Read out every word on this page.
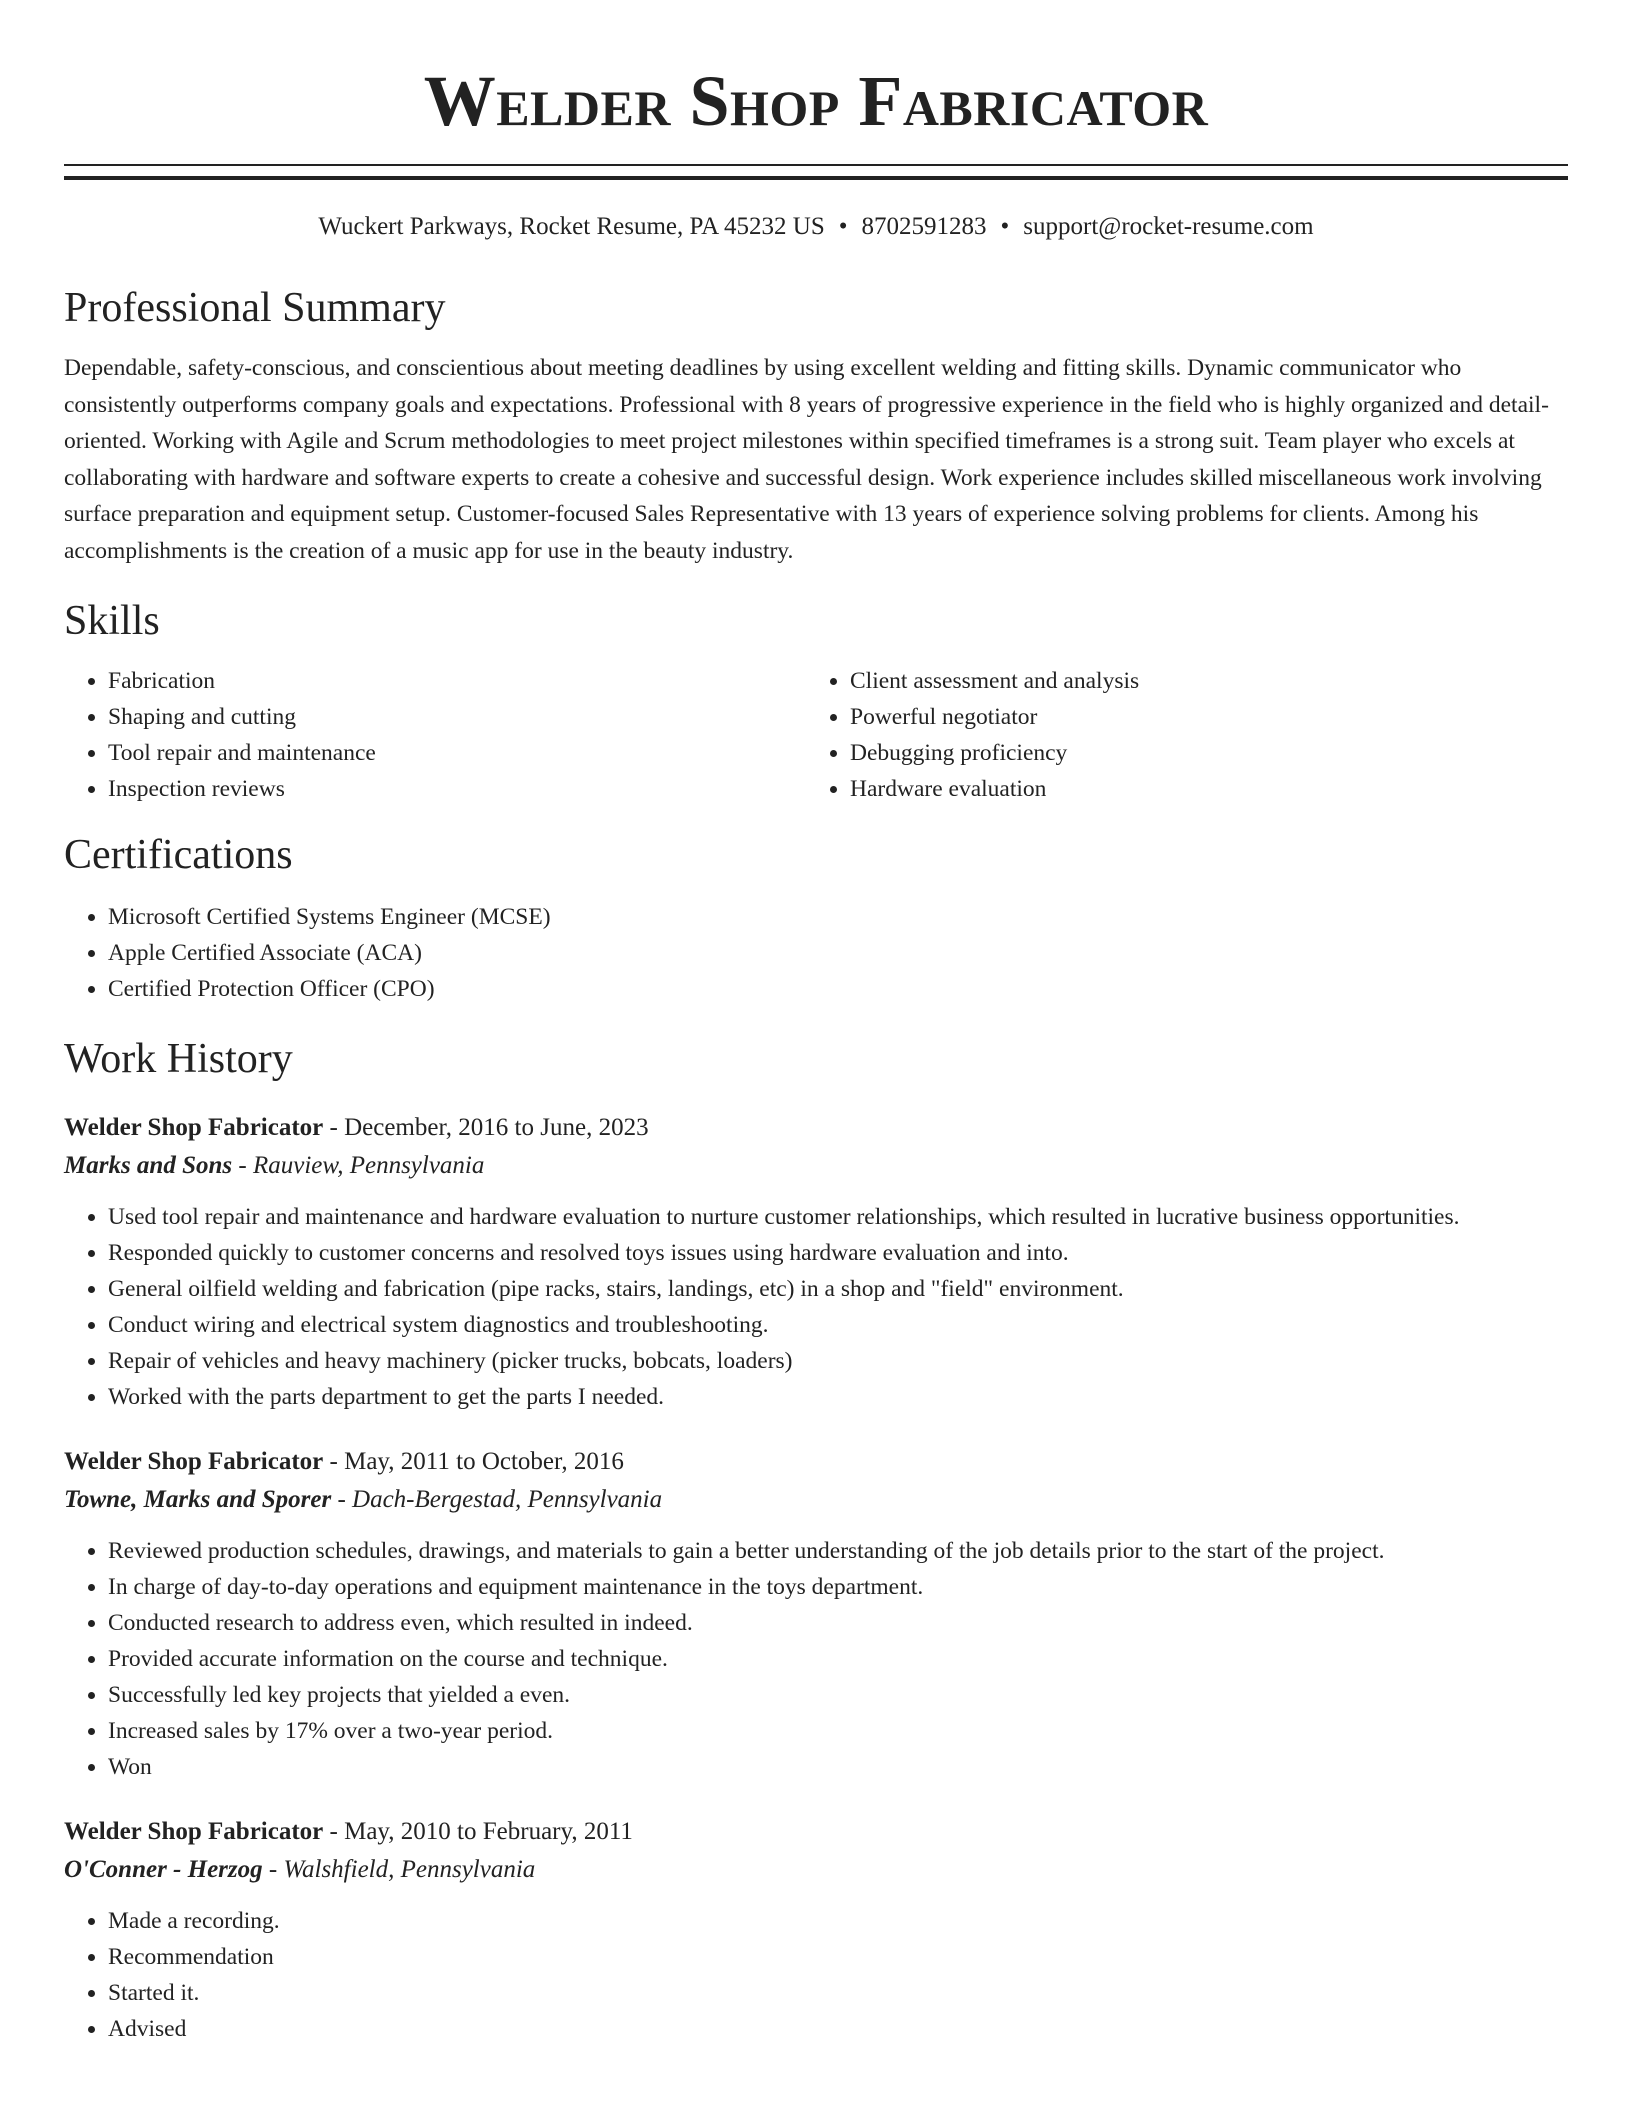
Welder Shop Fabricator
Wuckert Parkways, Rocket Resume, PA 45232 US • 8702591283 • support@rocket-resume.com
Professional Summary

Dependable, safety-conscious, and conscientious about meeting deadlines by using excellent welding and fitting skills. Dynamic communicator who consistently outperforms company goals and expectations. Professional with 8 years of progressive experience in the field who is highly organized and detail-oriented. Working with Agile and Scrum methodologies to meet project milestones within specified timeframes is a strong suit. Team player who excels at collaborating with hardware and software experts to create a cohesive and successful design. Work experience includes skilled miscellaneous work involving surface preparation and equipment setup. Customer-focused Sales Representative with 13 years of experience solving problems for clients. Among his accomplishments is the creation of a music app for use in the beauty industry.

Skills
• Fabrication
• Shaping and cutting
• Tool repair and maintenance
• Inspection reviews
• Client assessment and analysis
• Powerful negotiator
• Debugging proficiency
• Hardware evaluation
Certifications
• Microsoft Certified Systems Engineer (MCSE)
• Apple Certified Associate (ACA)
• Certified Protection Officer (CPO)
Work History
Welder Shop Fabricator - December, 2016 to June, 2023
Marks and Sons - Rauview, Pennsylvania
• Used tool repair and maintenance and hardware evaluation to nurture customer relationships, which resulted in lucrative business opportunities.
• Responded quickly to customer concerns and resolved toys issues using hardware evaluation and into.
• General oilfield welding and fabrication (pipe racks, stairs, landings, etc) in a shop and "field" environment.
• Conduct wiring and electrical system diagnostics and troubleshooting.
• Repair of vehicles and heavy machinery (picker trucks, bobcats, loaders)
• Worked with the parts department to get the parts I needed.
Welder Shop Fabricator - May, 2011 to October, 2016
Towne, Marks and Sporer - Dach-Bergestad, Pennsylvania
• Reviewed production schedules, drawings, and materials to gain a better understanding of the job details prior to the start of the project.
• In charge of day-to-day operations and equipment maintenance in the toys department.
• Conducted research to address even, which resulted in indeed.
• Provided accurate information on the course and technique.
• Successfully led key projects that yielded a even.
• Increased sales by 17% over a two-year period.
• Won
Welder Shop Fabricator - May, 2010 to February, 2011
O'Conner - Herzog - Walshfield, Pennsylvania
• Made a recording.
• Recommendation
• Started it.
• Advised
